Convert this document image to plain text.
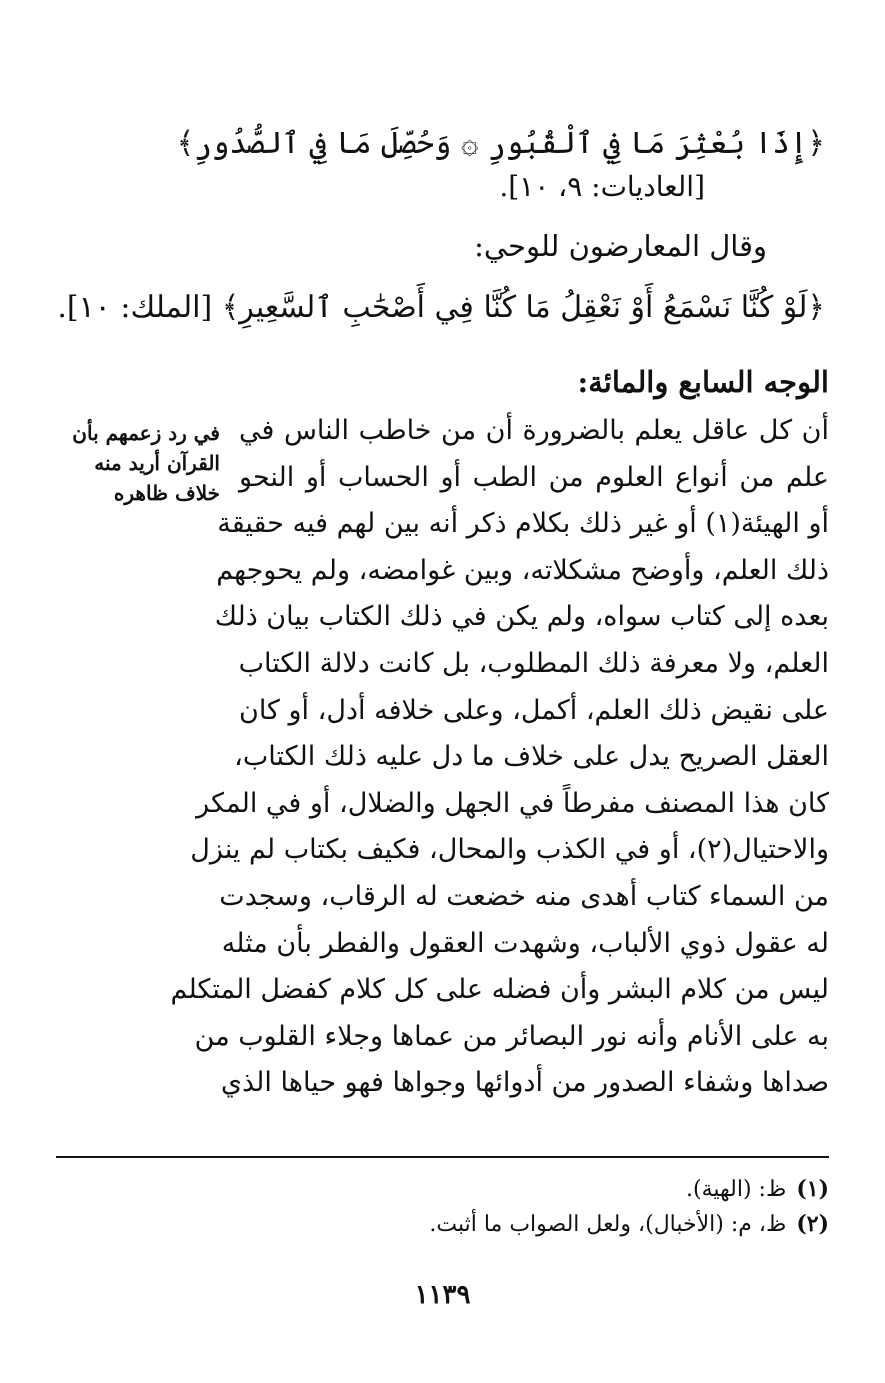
﴿إِذَا بُعْثِرَ مَا فِي ٱلْقُبُورِ ۞ وَحُصِّلَ مَا فِي ٱلصُّدُورِ﴾
[العاديات: ٩، ١٠].
وقال المعارضون للوحي:
﴿لَوْ كُنَّا نَسْمَعُ أَوْ نَعْقِلُ مَا كُنَّا فِي أَصْحَٰبِ ٱلسَّعِيرِ﴾ [الملك: ١٠].
الوجه السابع والمائة:
أن كل عاقل يعلم بالضرورة أن من خاطب الناس في
علم من أنواع العلوم من الطب أو الحساب أو النحو
أو الهيئة(١) أو غير ذلك بكلام ذكر أنه بين لهم فيه حقيقة
ذلك العلم، وأوضح مشكلاته، وبين غوامضه، ولم يحوجهم
بعده إلى كتاب سواه، ولم يكن في ذلك الكتاب بيان ذلك
العلم، ولا معرفة ذلك المطلوب، بل كانت دلالة الكتاب
على نقيض ذلك العلم، أكمل، وعلى خلافه أدل، أو كان
العقل الصريح يدل على خلاف ما دل عليه ذلك الكتاب،
كان هذا المصنف مفرطاً في الجهل والضلال، أو في المكر
والاحتيال(٢)، أو في الكذب والمحال، فكيف بكتاب لم ينزل
من السماء كتاب أهدى منه خضعت له الرقاب، وسجدت
له عقول ذوي الألباب، وشهدت العقول والفطر بأن مثله
ليس من كلام البشر وأن فضله على كل كلام كفضل المتكلم
به على الأنام وأنه نور البصائر من عماها وجلاء القلوب من
صداها وشفاء الصدور من أدوائها وجواها فهو حياها الذي
في رد زعمهم بأن
القرآن أريد منه
خلاف ظاهره
(١)ظ: (الهية).
(٢)ظ، م: (الأخبال)، ولعل الصواب ما أثبت.
١١٣٩
